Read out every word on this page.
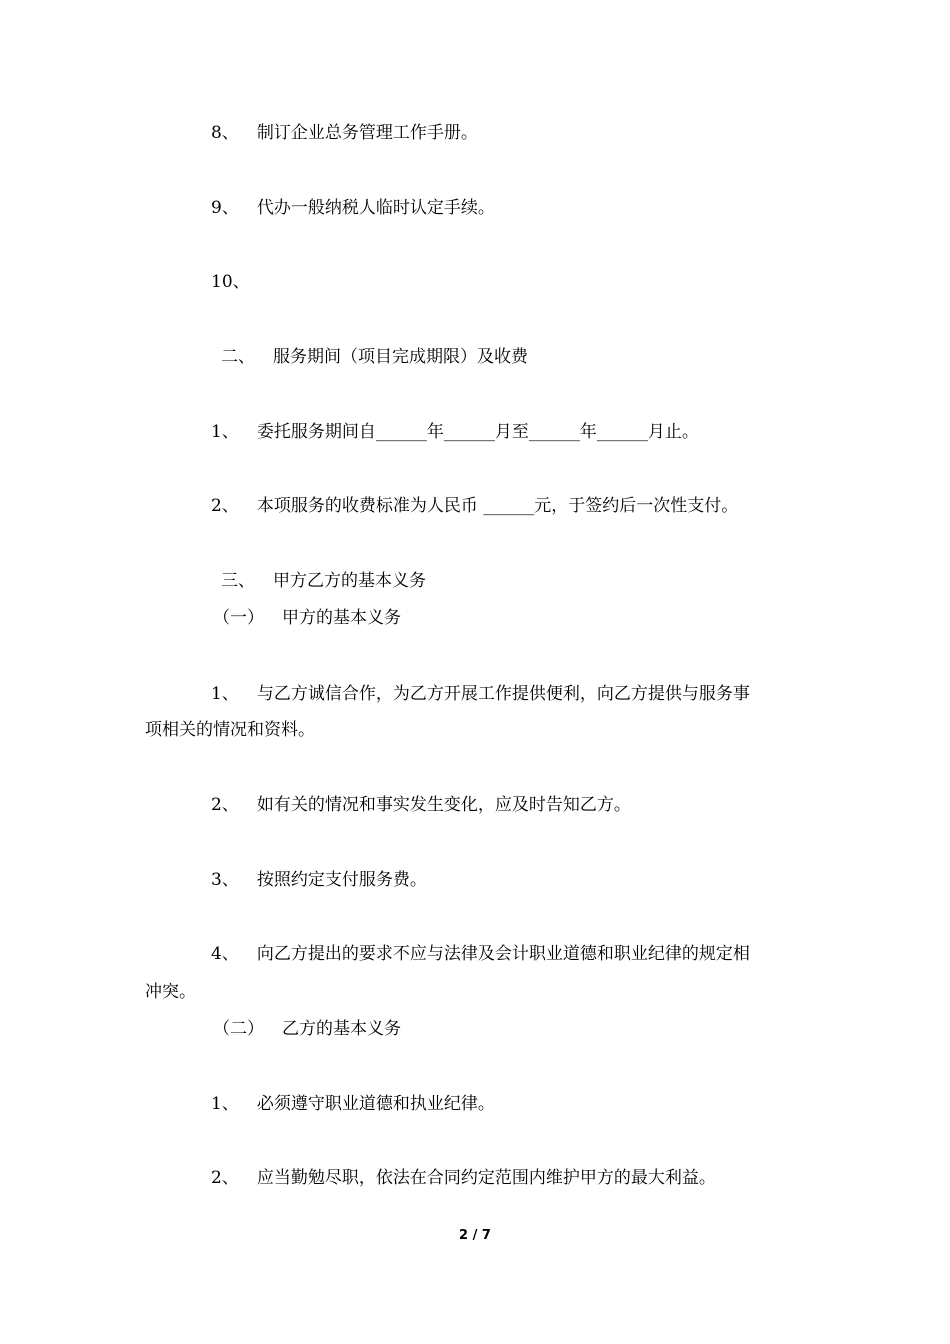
8、 制订企业总务管理工作手册。
9、 代办一般纳税人临时认定手续。
10、
二、 服务期间（项目完成期限）及收费
1、 委托服务期间自______年______月至______年______月止。
2、 本项服务的收费标准为人民币 ______元，于签约后一次性支付。
三、 甲方乙方的基本义务
（一） 甲方的基本义务
1、 与乙方诚信合作，为乙方开展工作提供便利，向乙方提供与服务事
项相关的情况和资料。
2、 如有关的情况和事实发生变化，应及时告知乙方。
3、 按照约定支付服务费。
4、 向乙方提出的要求不应与法律及会计职业道德和职业纪律的规定相
冲突。
（二） 乙方的基本义务
1、 必须遵守职业道德和执业纪律。
2、 应当勤勉尽职，依法在合同约定范围内维护甲方的最大利益。
2 / 7
